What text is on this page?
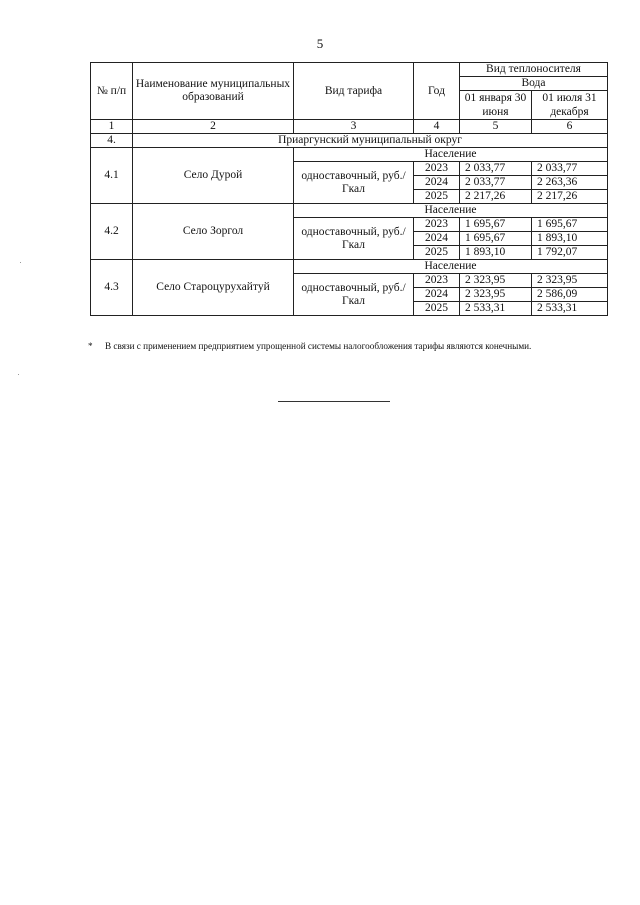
5
№ п/п	Наименование муниципальных образований	Вид тарифа	Год	Вид теплоносителя	
				Вода	
				01 января 30 июня	01 июля 31 декабря

1	2	3	4	5	6
4.	Приаргунский муниципальный округ				
4.1	Село Дурой	Население			
		одноставочный, руб./Гкал	2023	2 033,77	2 033,77
			2024	2 033,77	2 263,36
			2025	2 217,26	2 217,26
4.2	Село Зоргол	Население			
		одноставочный, руб./Гкал	2023	1 695,67	1 695,67
			2024	1 695,67	1 893,10
			2025	1 893,10	1 792,07
4.3	Село Староцурухайтуй	Население			
		одноставочный, руб./Гкал	2023	2 323,95	2 323,95
			2024	2 323,95	2 586,09
			2025	2 533,31	2 533,31
* В связи с применением предприятием упрощенной системы налогообложения тарифы являются конечными.
